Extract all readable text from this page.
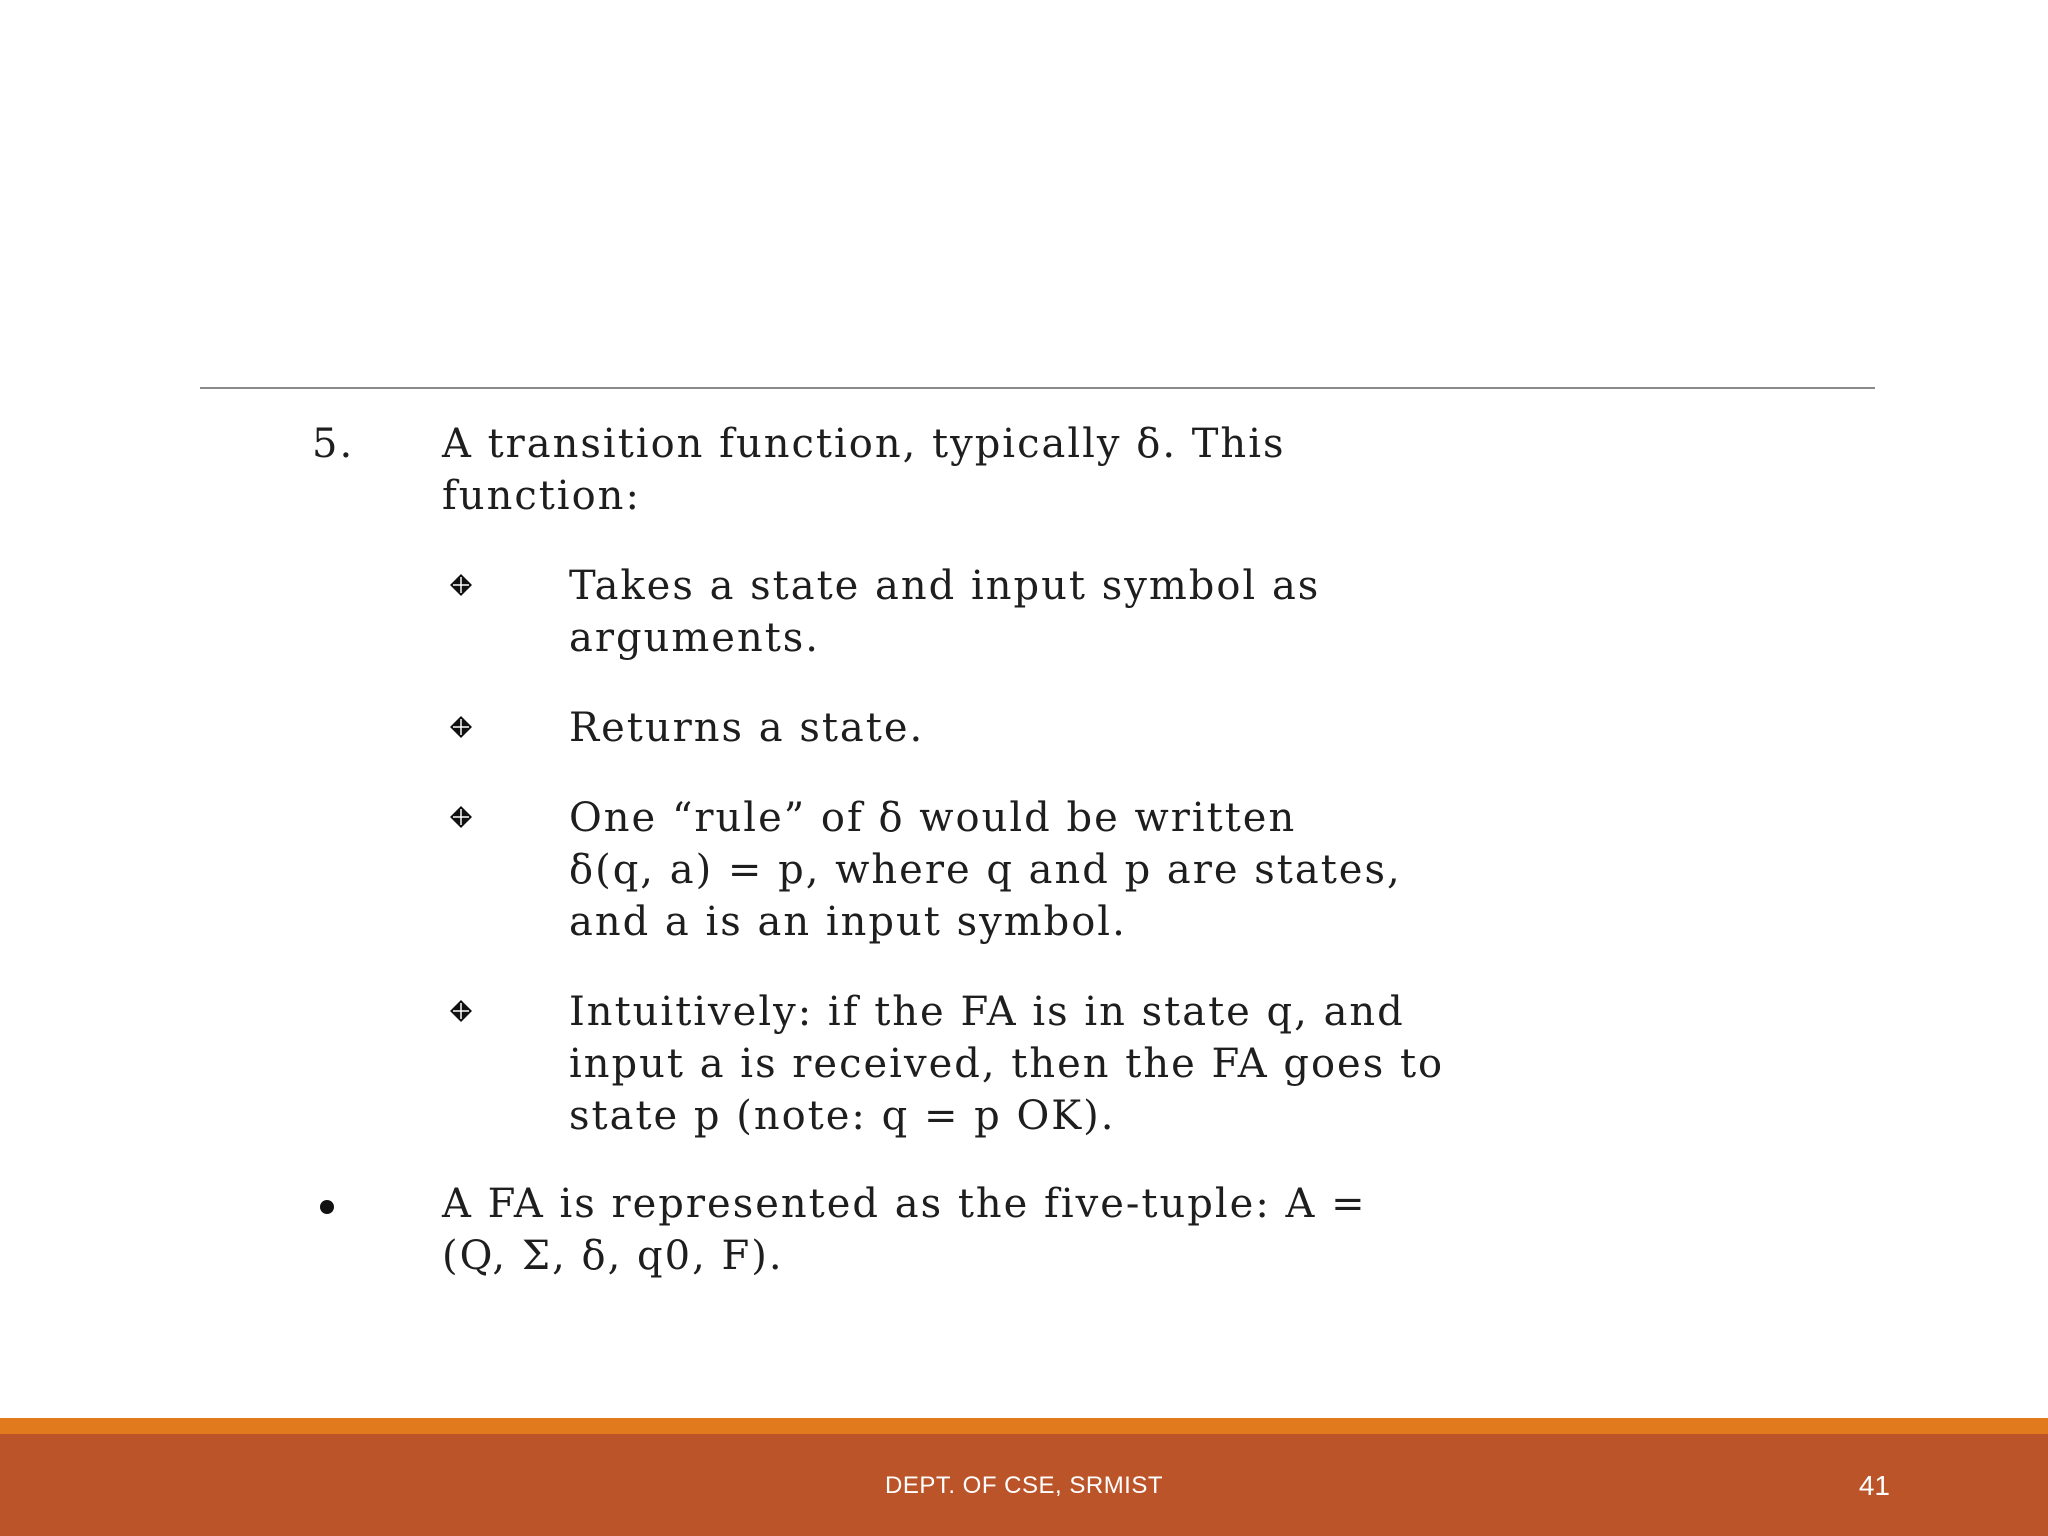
5. A transition function, typically δ. This

function:

Takes a state and input symbol as

arguments.

Returns a state.

One “rule” of δ would be written

δ(q, a) = p, where q and p are states,

and a is an input symbol.

Intuitively: if the FA is in state q, and

input a is received, then the FA goes to

state p (note: q = p OK).

A FA is represented as the five-tuple: A =

(Q, Σ, δ, q0, F).

DEPT. OF CSE, SRMIST	41
